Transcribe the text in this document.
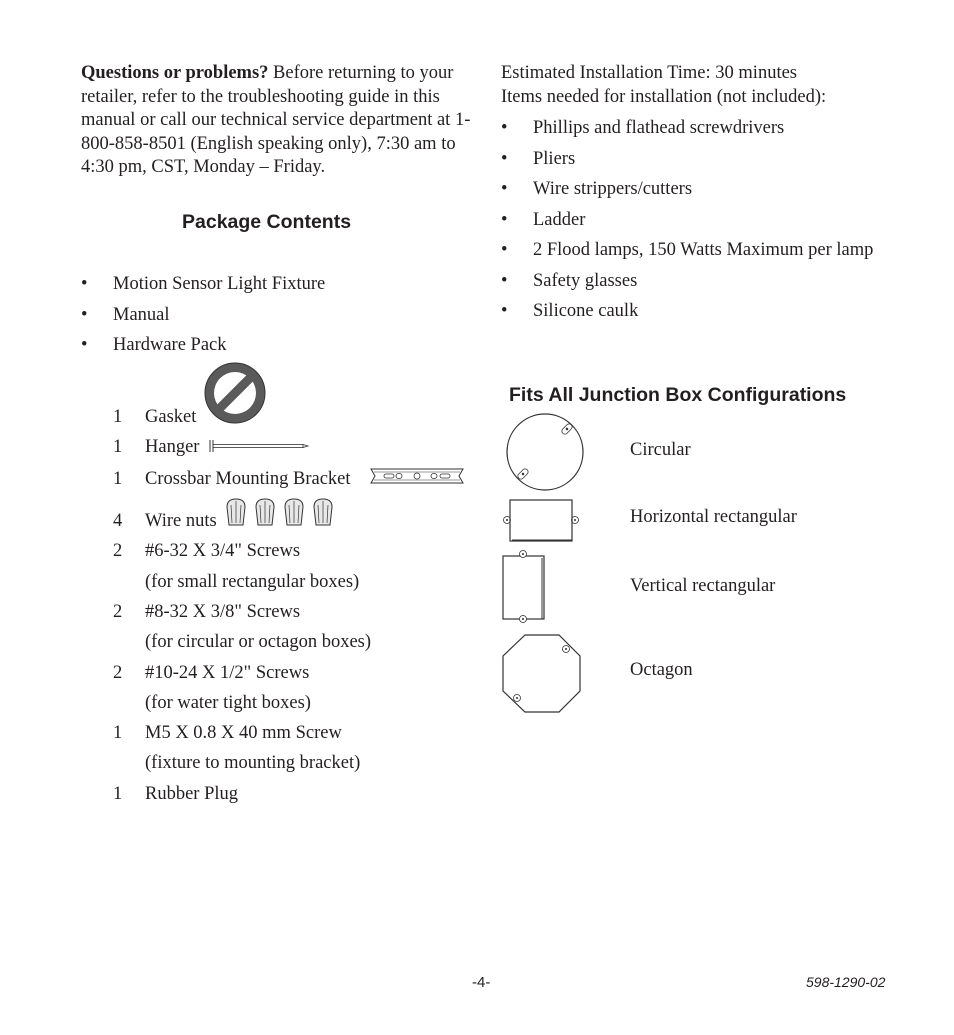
Questions or problems? Before returning to your retailer, refer to the troubleshooting guide in this manual or call our technical service department at 1-800-858-8501 (English speaking only), 7:30 am to 4:30 pm, CST, Monday – Friday.
Package Contents
• Motion Sensor Light Fixture
• Manual
• Hardware Pack
1	Gasket
1	Hanger
1	Crossbar Mounting Bracket
4	Wire nuts
2	#6-32 X 3/4" Screws
(for small rectangular boxes)
2	#8-32 X 3/8" Screws
(for circular or octagon boxes)
2	#10-24 X 1/2" Screws
(for water tight boxes)
1	M5 X 0.8 X 40 mm Screw
(fixture to mounting bracket)
1	Rubber Plug
Estimated Installation Time: 30 minutes
Items needed for installation (not included):
• Phillips and flathead screwdrivers
• Pliers
• Wire strippers/cutters
• Ladder
• 2 Flood lamps, 150 Watts Maximum per lamp
• Safety glasses
• Silicone caulk
Fits All Junction Box Configurations
Circular
Horizontal rectangular
Vertical rectangular
Octagon
-4-	598-1290-02
